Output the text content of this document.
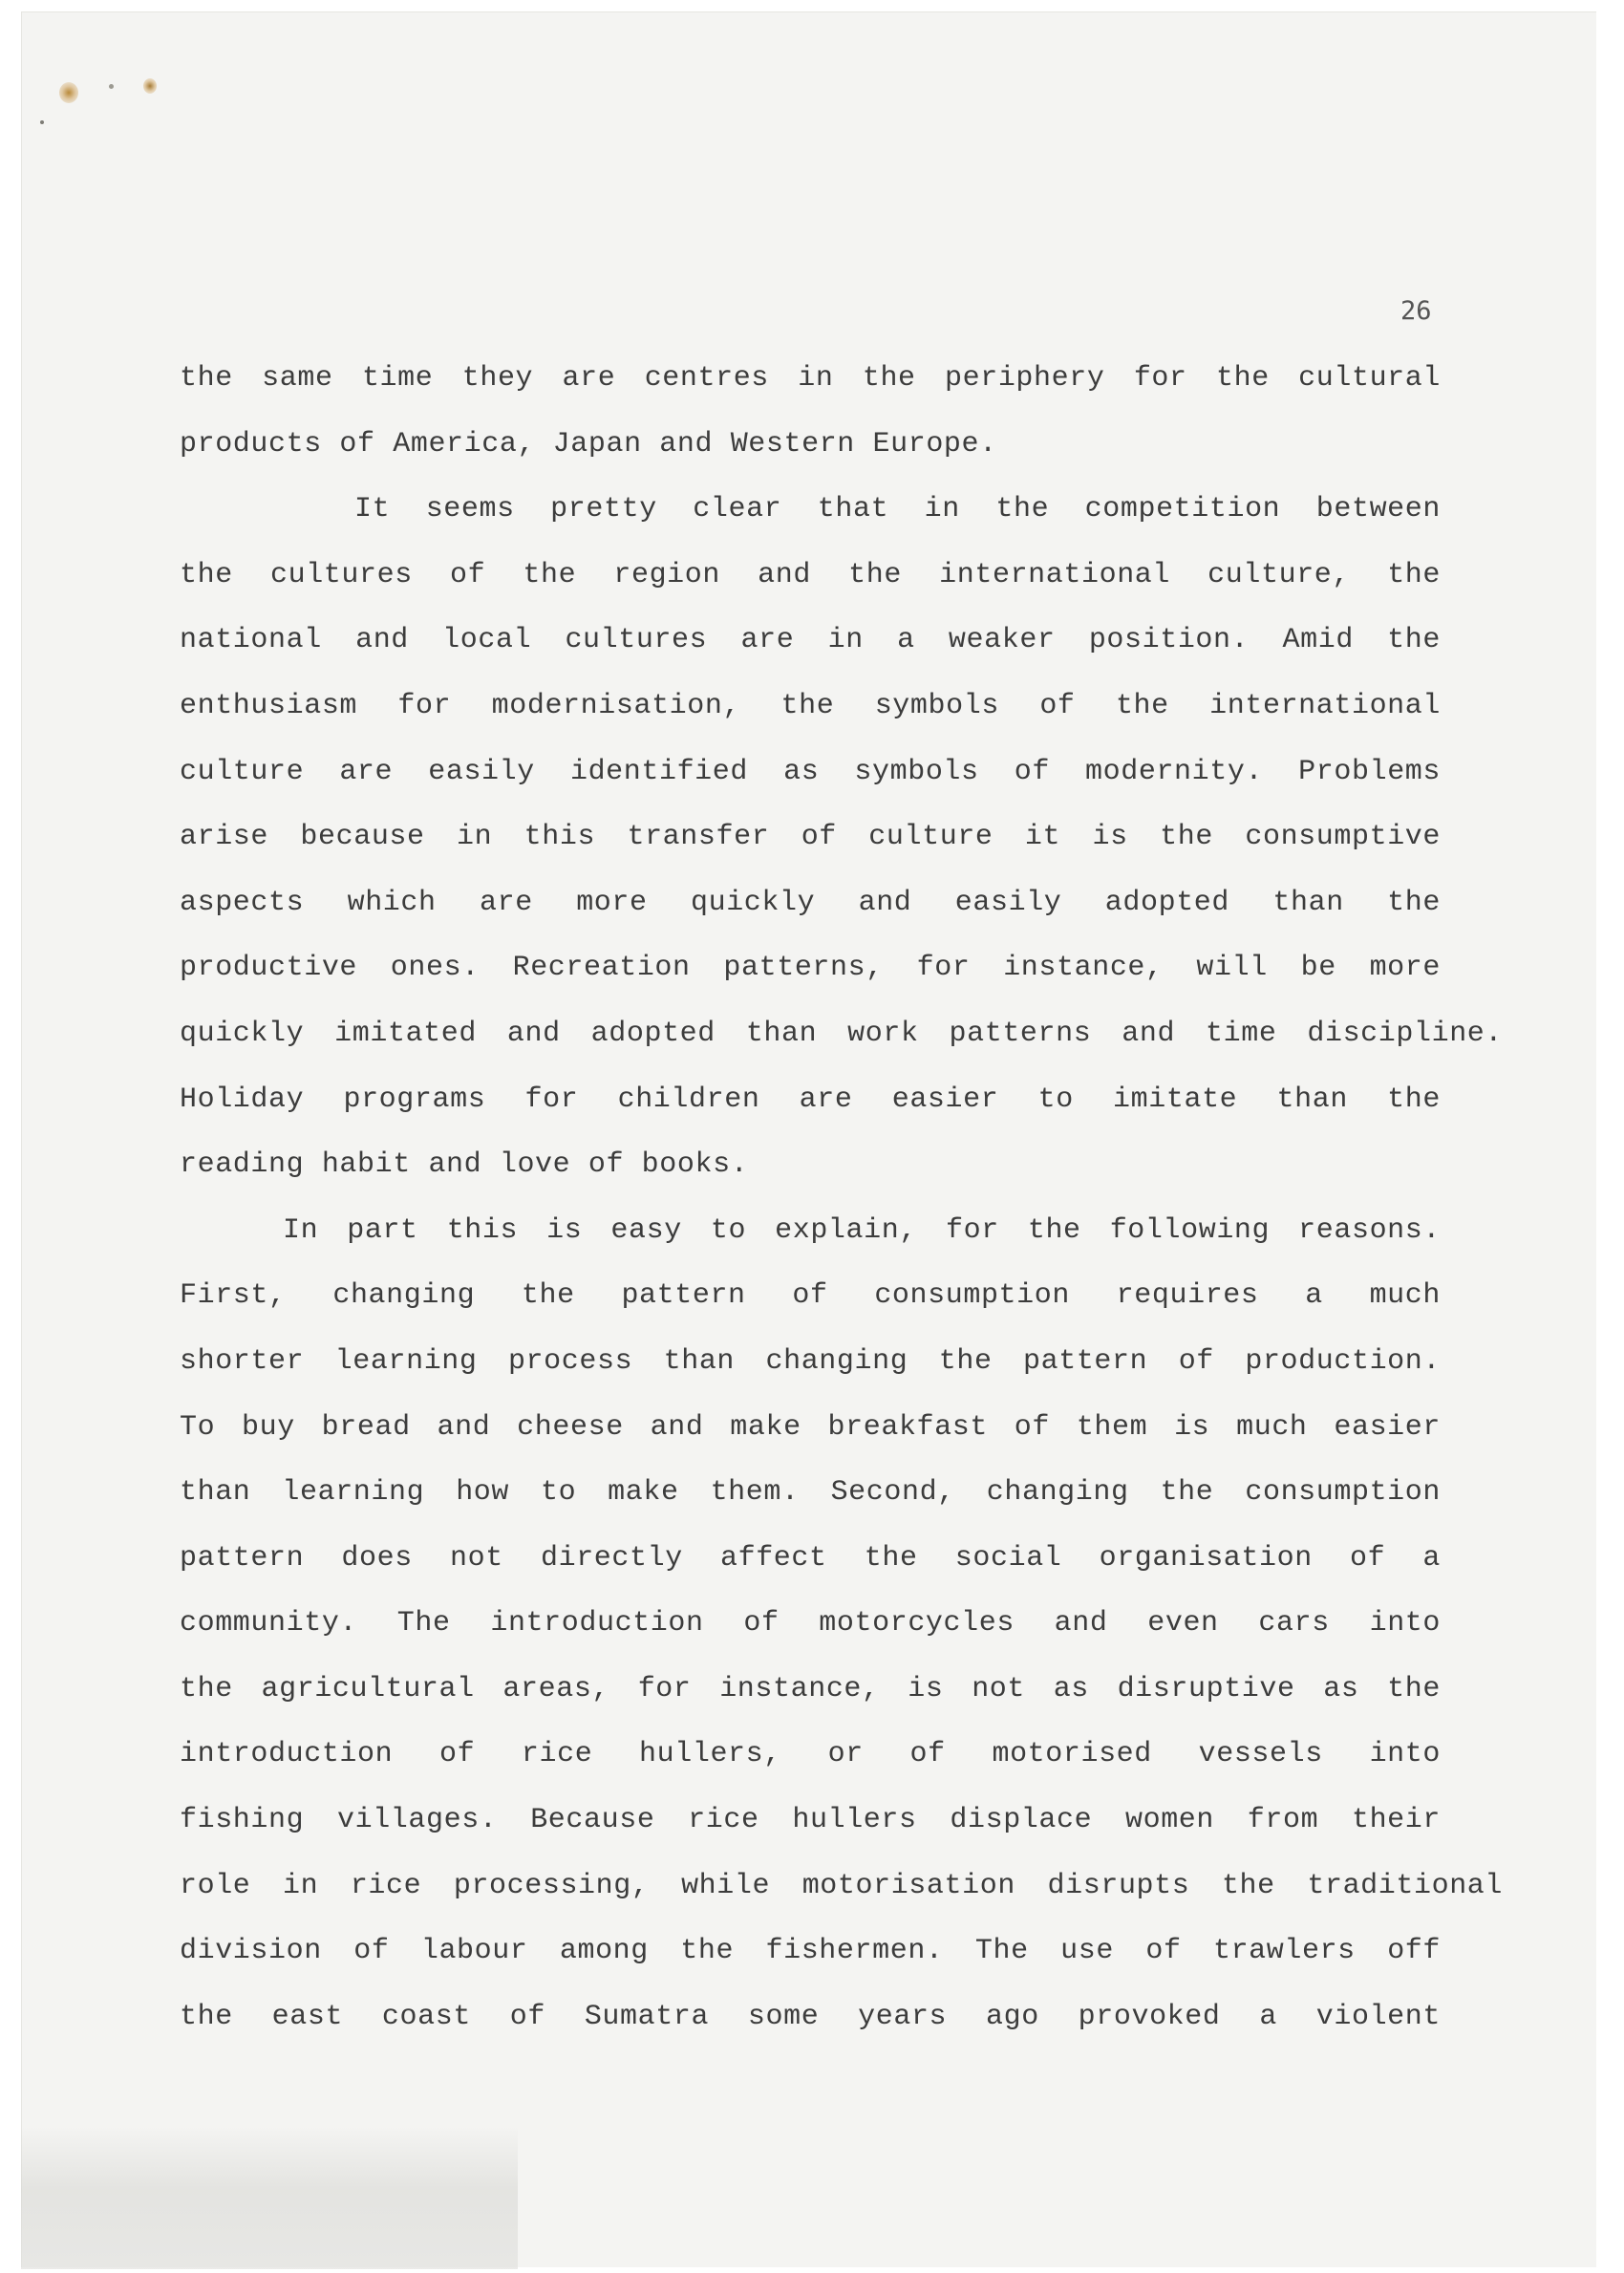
26
the same time they are centres in the periphery for the cultural
products of America, Japan and Western Europe.
It seems pretty clear that in the competition between
the cultures of the region and the international culture, the
national and local cultures are in a weaker position. Amid the
enthusiasm for modernisation, the symbols of the international
culture are easily identified as symbols of modernity. Problems
arise because in this transfer of culture it is the consumptive
aspects which are more quickly and easily adopted than the
productive ones. Recreation patterns, for instance, will be more
quickly imitated and adopted than work patterns and time discipline.
Holiday programs for children are easier to imitate than the
reading habit and love of books.
In part this is easy to explain, for the following reasons.
First, changing the pattern of consumption requires a much
shorter learning process than changing the pattern of production.
To buy bread and cheese and make breakfast of them is much easier
than learning how to make them. Second, changing the consumption
pattern does not directly affect the social organisation of a
community. The introduction of motorcycles and even cars into
the agricultural areas, for instance, is not as disruptive as the
introduction of rice hullers, or of motorised vessels into
fishing villages. Because rice hullers displace women from their
role in rice processing, while motorisation disrupts the traditional
division of labour among the fishermen. The use of trawlers off
the east coast of Sumatra some years ago provoked a violent
